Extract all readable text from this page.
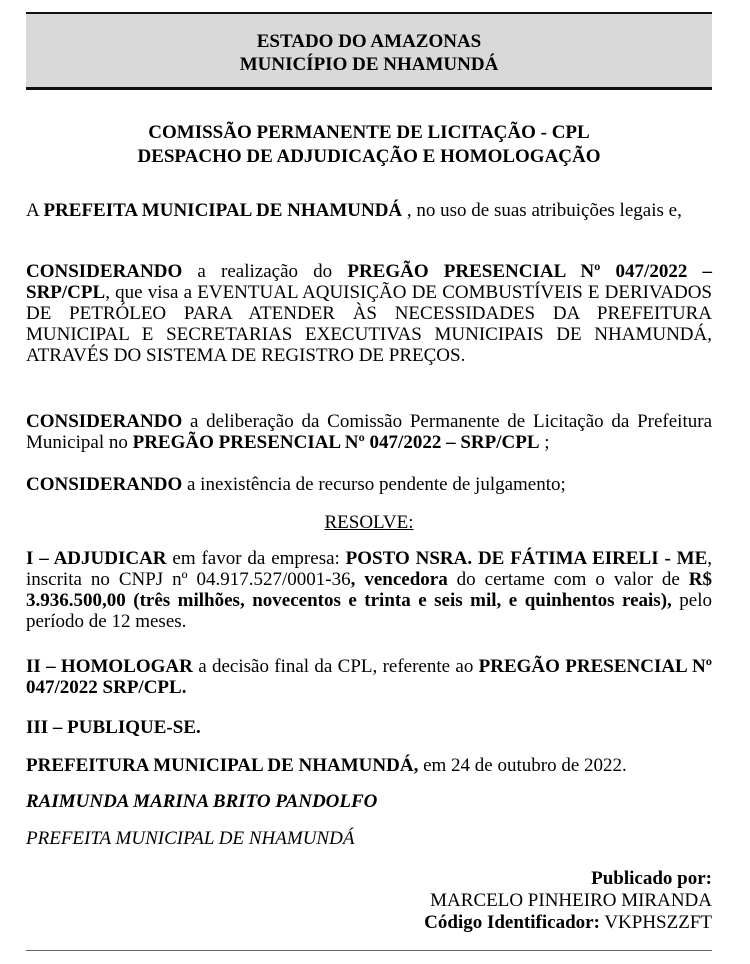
ESTADO DO AMAZONAS
MUNICÍPIO DE NHAMUNDÁ
COMISSÃO PERMANENTE DE LICITAÇÃO - CPL
DESPACHO DE ADJUDICAÇÃO E HOMOLOGAÇÃO
A PREFEITA MUNICIPAL DE NHAMUNDÁ , no uso de suas atribuições legais e,
CONSIDERANDO a realização do PREGÃO PRESENCIAL Nº 047/2022 – SRP/CPL, que visa a EVENTUAL AQUISIÇÃO DE COMBUSTÍVEIS E DERIVADOS DE PETRÓLEO PARA ATENDER ÀS NECESSIDADES DA PREFEITURA MUNICIPAL E SECRETARIAS EXECUTIVAS MUNICIPAIS DE NHAMUNDÁ, ATRAVÉS DO SISTEMA DE REGISTRO DE PREÇOS.
CONSIDERANDO a deliberação da Comissão Permanente de Licitação da Prefeitura Municipal no PREGÃO PRESENCIAL Nº 047/2022 – SRP/CPL ;
CONSIDERANDO a inexistência de recurso pendente de julgamento;
RESOLVE:
I – ADJUDICAR em favor da empresa: POSTO NSRA. DE FÁTIMA EIRELI - ME, inscrita no CNPJ nº 04.917.527/0001-36, vencedora do certame com o valor de R$ 3.936.500,00 (três milhões, novecentos e trinta e seis mil, e quinhentos reais), pelo período de 12 meses.
II – HOMOLOGAR a decisão final da CPL, referente ao PREGÃO PRESENCIAL Nº 047/2022 SRP/CPL.
III – PUBLIQUE-SE.
PREFEITURA MUNICIPAL DE NHAMUNDÁ, em 24 de outubro de 2022.
RAIMUNDA MARINA BRITO PANDOLFO
PREFEITA MUNICIPAL DE NHAMUNDÁ
Publicado por:
MARCELO PINHEIRO MIRANDA
Código Identificador: VKPHSZZFT
